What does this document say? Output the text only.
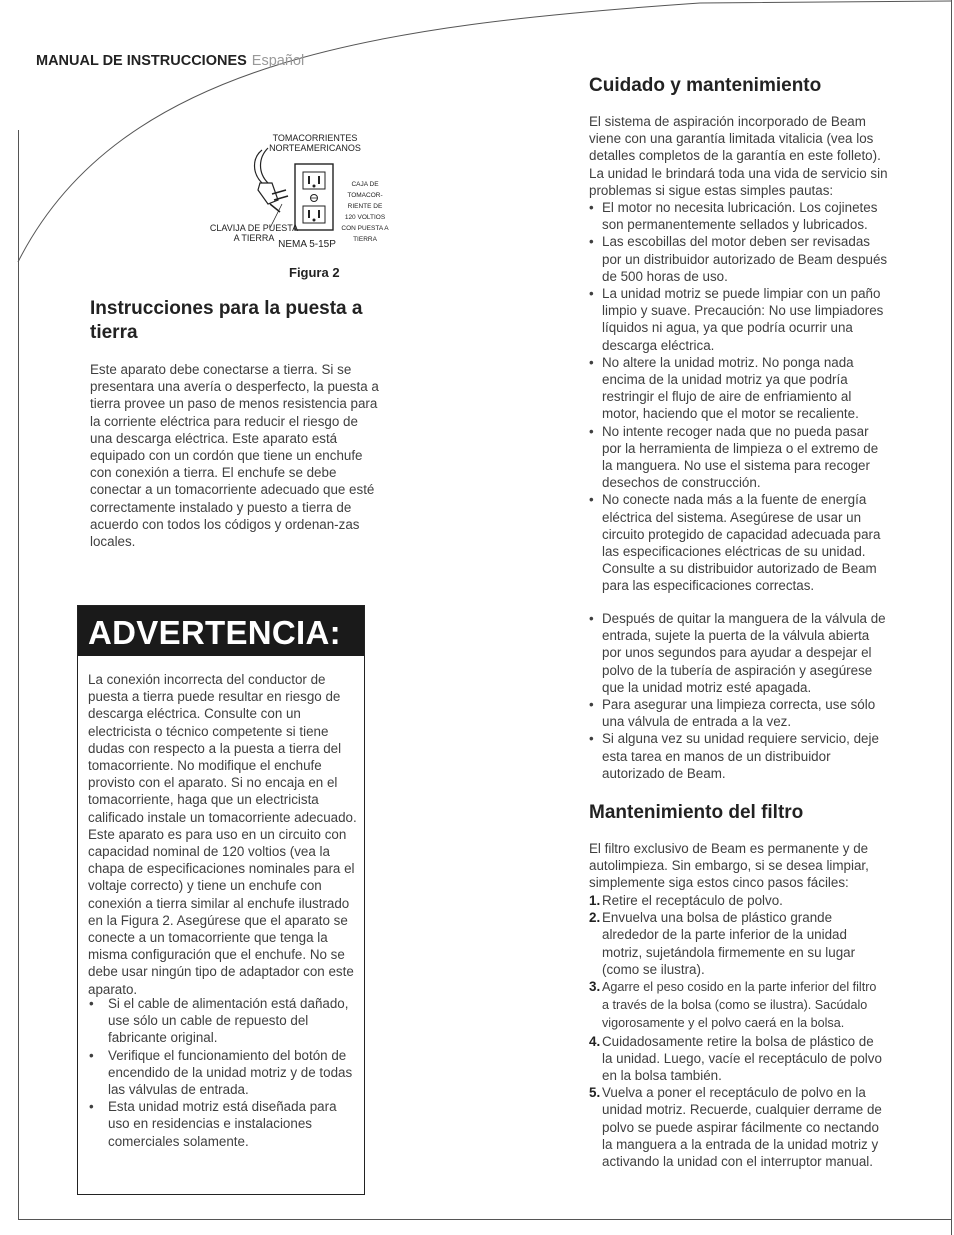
MANUAL DE INSTRUCCIONES Español
TOMACORRIENTES
NORTEAMERICANOS
CAJA DE
TOMACOR-
RIENTE DE
120 VOLTIOS
CON PUESTA A
TIERRA
CLAVIJA DE PUESTA
A TIERRA
NEMA 5-15P
Figura 2
Instrucciones para la puesta a tierra
Este aparato debe conectarse a tierra. Si se presentara una avería o desperfecto, la puesta a tierra provee un paso de menos resistencia para la corriente eléctrica para reducir el riesgo de una descarga eléctrica. Este aparato está equipado con un cordón que tiene un enchufe con conexión a tierra. El enchufe se debe conectar a un tomacorriente adecuado que esté correctamente instalado y puesto a tierra de acuerdo con todos los códigos y ordenan-zas locales.
ADVERTENCIA:
La conexión incorrecta del conductor de puesta a tierra puede resultar en riesgo de descarga eléctrica. Consulte con un electricista o técnico competente si tiene dudas con respecto a la puesta a tierra del tomacorriente. No modifique el enchufe provisto con el aparato. Si no encaja en el tomacorriente, haga que un electricista calificado instale un tomacorriente adecuado. Este aparato es para uso en un circuito con capacidad nominal de 120 voltios (vea la chapa de especificaciones nominales para el voltaje correcto) y tiene un enchufe con conexión a tierra similar al enchufe ilustrado en la Figura 2. Asegúrese que el aparato se conecte a un tomacorriente que tenga la misma configuración que el enchufe. No se debe usar ningún tipo de adaptador con este aparato.
• Si el cable de alimentación está dañado, use sólo un cable de repuesto del fabricante original.
• Verifique el funcionamiento del botón de encendido de la unidad motriz y de todas las válvulas de entrada.
• Esta unidad motriz está diseñada para uso en residencias e instalaciones comerciales solamente.
Cuidado y mantenimiento
El sistema de aspiración incorporado de Beam viene con una garantía limitada vitalicia (vea los detalles completos de la garantía en este folleto). La unidad le brindará toda una vida de servicio sin problemas si sigue estas simples pautas:
• El motor no necesita lubricación. Los cojinetes son permanentemente sellados y lubricados.
• Las escobillas del motor deben ser revisadas por un distribuidor autorizado de Beam después de 500 horas de uso.
• La unidad motriz se puede limpiar con un paño limpio y suave. Precaución: No use limpiadores líquidos ni agua, ya que podría ocurrir una descarga eléctrica.
• No altere la unidad motriz. No ponga nada encima de la unidad motriz ya que podría restringir el flujo de aire de enfriamiento al motor, haciendo que el motor se recaliente.
• No intente recoger nada que no pueda pasar por la herramienta de limpieza o el extremo de la manguera. No use el sistema para recoger desechos de construcción.
• No conecte nada más a la fuente de energía eléctrica del sistema. Asegúrese de usar un circuito protegido de capacidad adecuada para las especificaciones eléctricas de su unidad. Consulte a su distribuidor autorizado de Beam para las especificaciones correctas.
• Después de quitar la manguera de la válvula de entrada, sujete la puerta de la válvula abierta por unos segundos para ayudar a despejar el polvo de la tubería de aspiración y asegúrese que la unidad motriz esté apagada.
• Para asegurar una limpieza correcta, use sólo una válvula de entrada a la vez.
• Si alguna vez su unidad requiere servicio, deje esta tarea en manos de un distribuidor autorizado de Beam.
Mantenimiento del filtro
El filtro exclusivo de Beam es permanente y de autolimpieza. Sin embargo, si se desea limpiar, simplemente siga estos cinco pasos fáciles:
1. Retire el receptáculo de polvo.
2. Envuelva una bolsa de plástico grande alrededor de la parte inferior de la unidad motriz, sujetándola firmemente en su lugar (como se ilustra).
3. Agarre el peso cosido en la parte inferior del filtro a través de la bolsa (como se ilustra). Sacúdalo vigorosamente y el polvo caerá en la bolsa.
4. Cuidadosamente retire la bolsa de plástico de la unidad. Luego, vacíe el receptáculo de polvo en la bolsa también.
5. Vuelva a poner el receptáculo de polvo en la unidad motriz. Recuerde, cualquier derrame de polvo se puede aspirar fácilmente co nectando la manguera a la entrada de la unidad motriz y activando la unidad con el interruptor manual.
